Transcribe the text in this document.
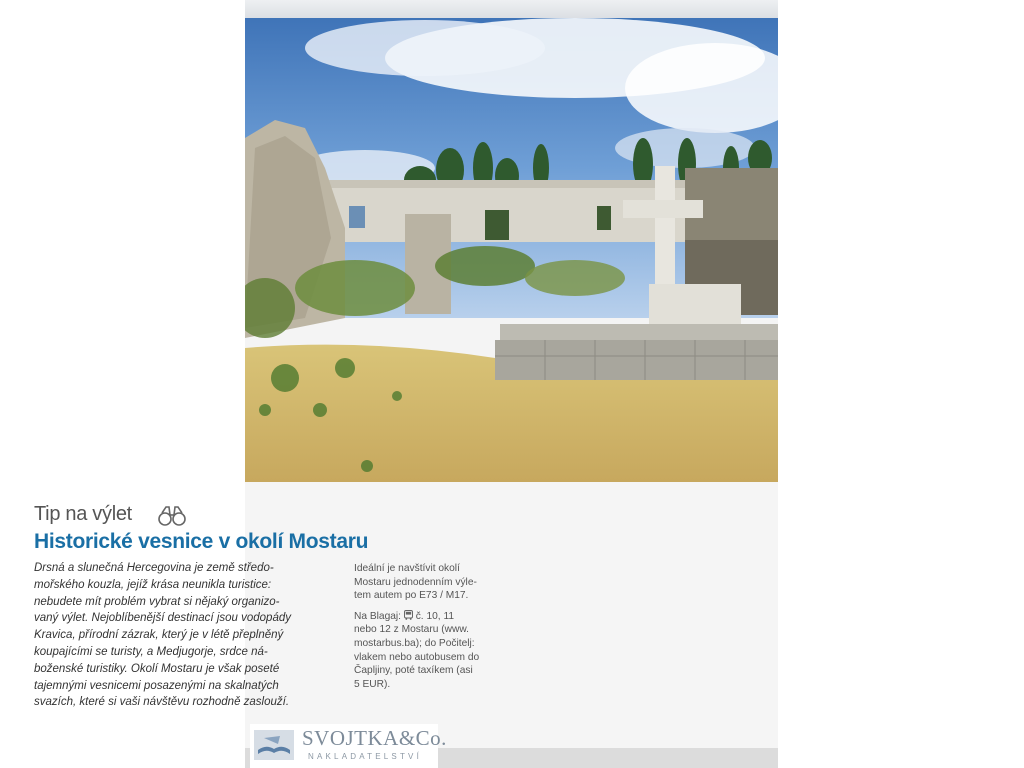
Tip na výlet
Historické vesnice v okolí Mostaru
Drsná a slunečná Hercegovina je země středo-
mořského kouzla, jejíž krása neunikla turistice:
nebudete mít problém vybrat si nějaký organizo-
vaný výlet. Nejoblíbenější destinací jsou vodopády
Kravica, přírodní zázrak, který je v létě přeplněný
koupajícími se turisty, a Medjugorje, srdce ná-
boženské turistiky. Okolí Mostaru je však poseté
tajemnými vesnicemi posazenými na skalnatých
svazích, které si vaši návštěvu rozhodně zaslouží.
Ideální je navštívit okolí
Mostaru jednodenním výle-
tem autem po E73 / M17.
Na Blagaj: č. 10, 11
nebo 12 z Mostaru (www.
mostarbus.ba); do Počitelj:
vlakem nebo autobusem do
Čapljiny, poté taxíkem (asi
5 EUR).
SVOJTKA&Co.
NAKLADATELSTVÍ
